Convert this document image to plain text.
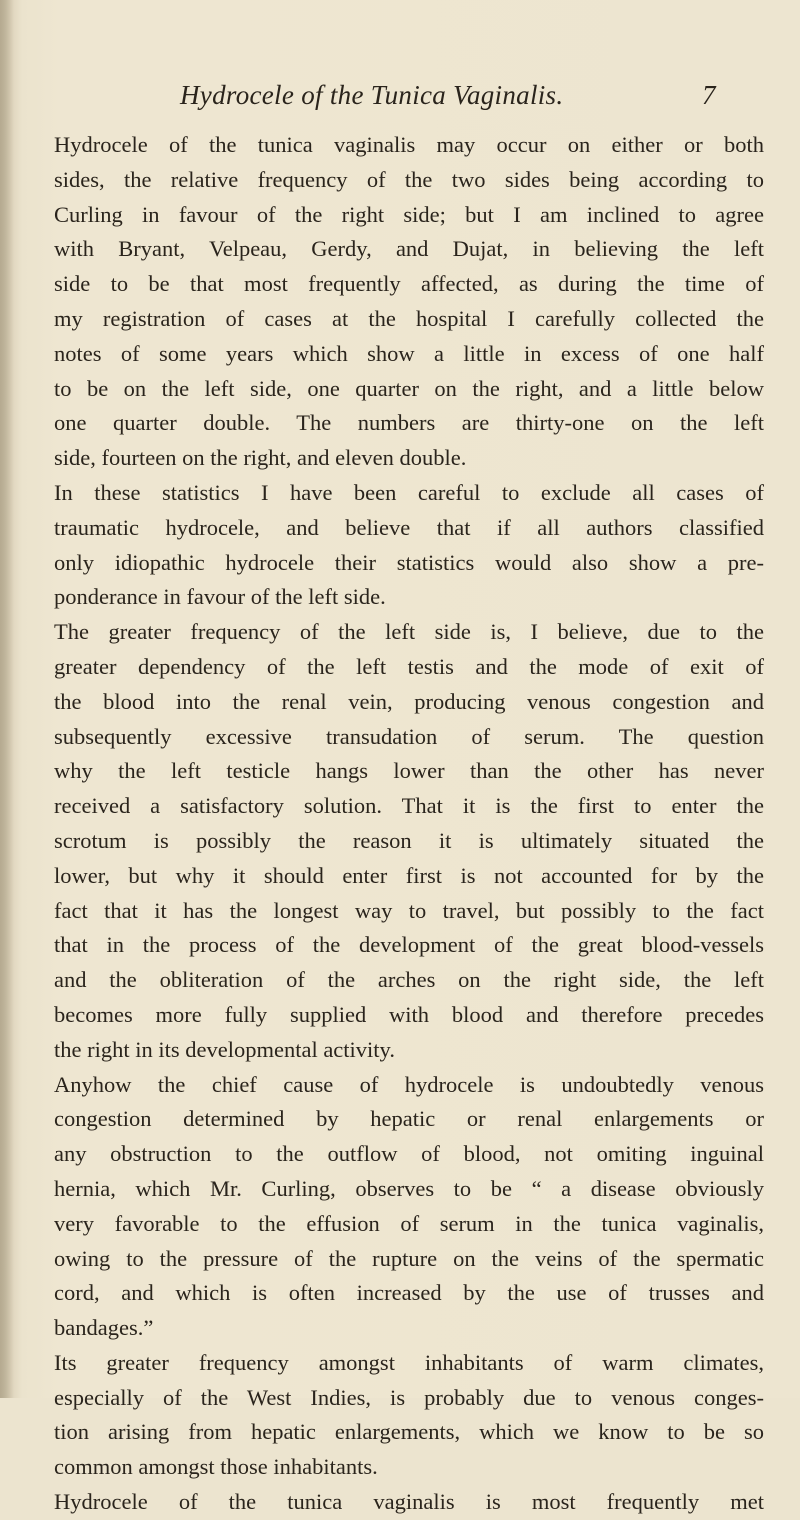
Hydrocele of the Tunica Vaginalis.	7
Hydrocele of the tunica vaginalis may occur on either or both
sides, the relative frequency of the two sides being according to
Curling in favour of the right side; but I am inclined to agree
with Bryant, Velpeau, Gerdy, and Dujat, in believing the left
side to be that most frequently affected, as during the time of
my registration of cases at the hospital I carefully collected the
notes of some years which show a little in excess of one half
to be on the left side, one quarter on the right, and a little below
one quarter double. The numbers are thirty-one on the left
side, fourteen on the right, and eleven double.
In these statistics I have been careful to exclude all cases of
traumatic hydrocele, and believe that if all authors classified
only idiopathic hydrocele their statistics would also show a pre-
ponderance in favour of the left side.
The greater frequency of the left side is, I believe, due to the
greater dependency of the left testis and the mode of exit of
the blood into the renal vein, producing venous congestion and
subsequently excessive transudation of serum. The question
why the left testicle hangs lower than the other has never
received a satisfactory solution. That it is the first to enter the
scrotum is possibly the reason it is ultimately situated the
lower, but why it should enter first is not accounted for by the
fact that it has the longest way to travel, but possibly to the fact
that in the process of the development of the great blood-vessels
and the obliteration of the arches on the right side, the left
becomes more fully supplied with blood and therefore precedes
the right in its developmental activity.
Anyhow the chief cause of hydrocele is undoubtedly venous
congestion determined by hepatic or renal enlargements or
any obstruction to the outflow of blood, not omiting inguinal
hernia, which Mr. Curling, observes to be “ a disease obviously
very favorable to the effusion of serum in the tunica vaginalis,
owing to the pressure of the rupture on the veins of the spermatic
cord, and which is often increased by the use of trusses and
bandages.”
Its greater frequency amongst inhabitants of warm climates,
especially of the West Indies, is probably due to venous conges-
tion arising from hepatic enlargements, which we know to be so
common amongst those inhabitants.
Hydrocele of the tunica vaginalis is most frequently met
